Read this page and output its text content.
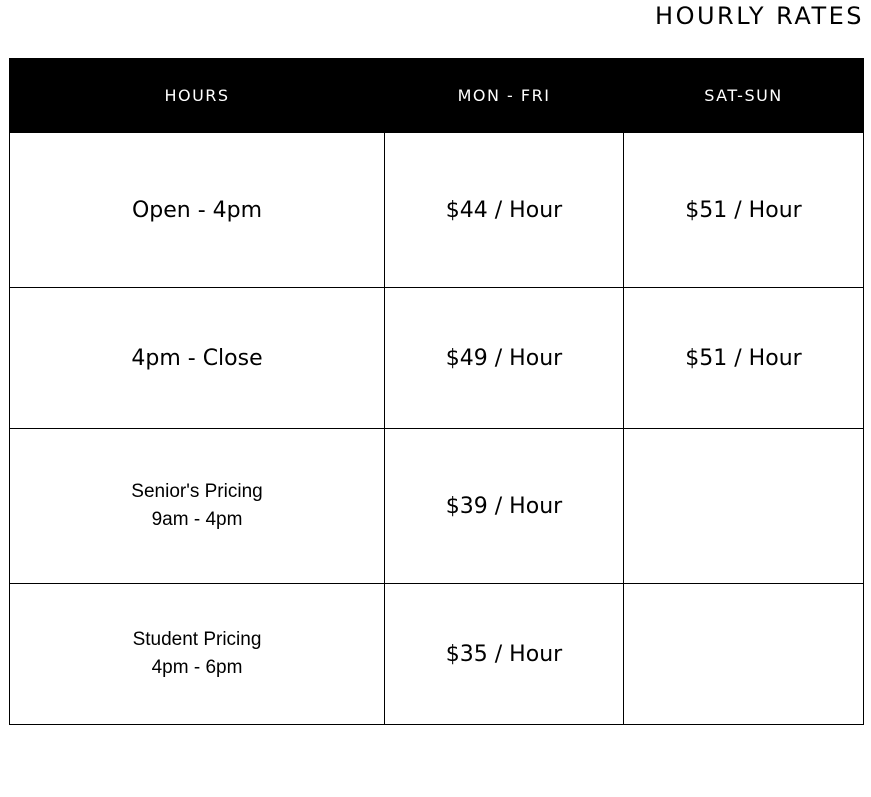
HOURLY RATES
HOURS	MON - FRI	SAT-SUN
Open - 4pm	$44 / Hour	$51 / Hour
4pm - Close	$49 / Hour	$51 / Hour

Senior's Pricing
9am - 4pm	$39 / Hour	

Student Pricing
4pm - 6pm	$35 / Hour	
